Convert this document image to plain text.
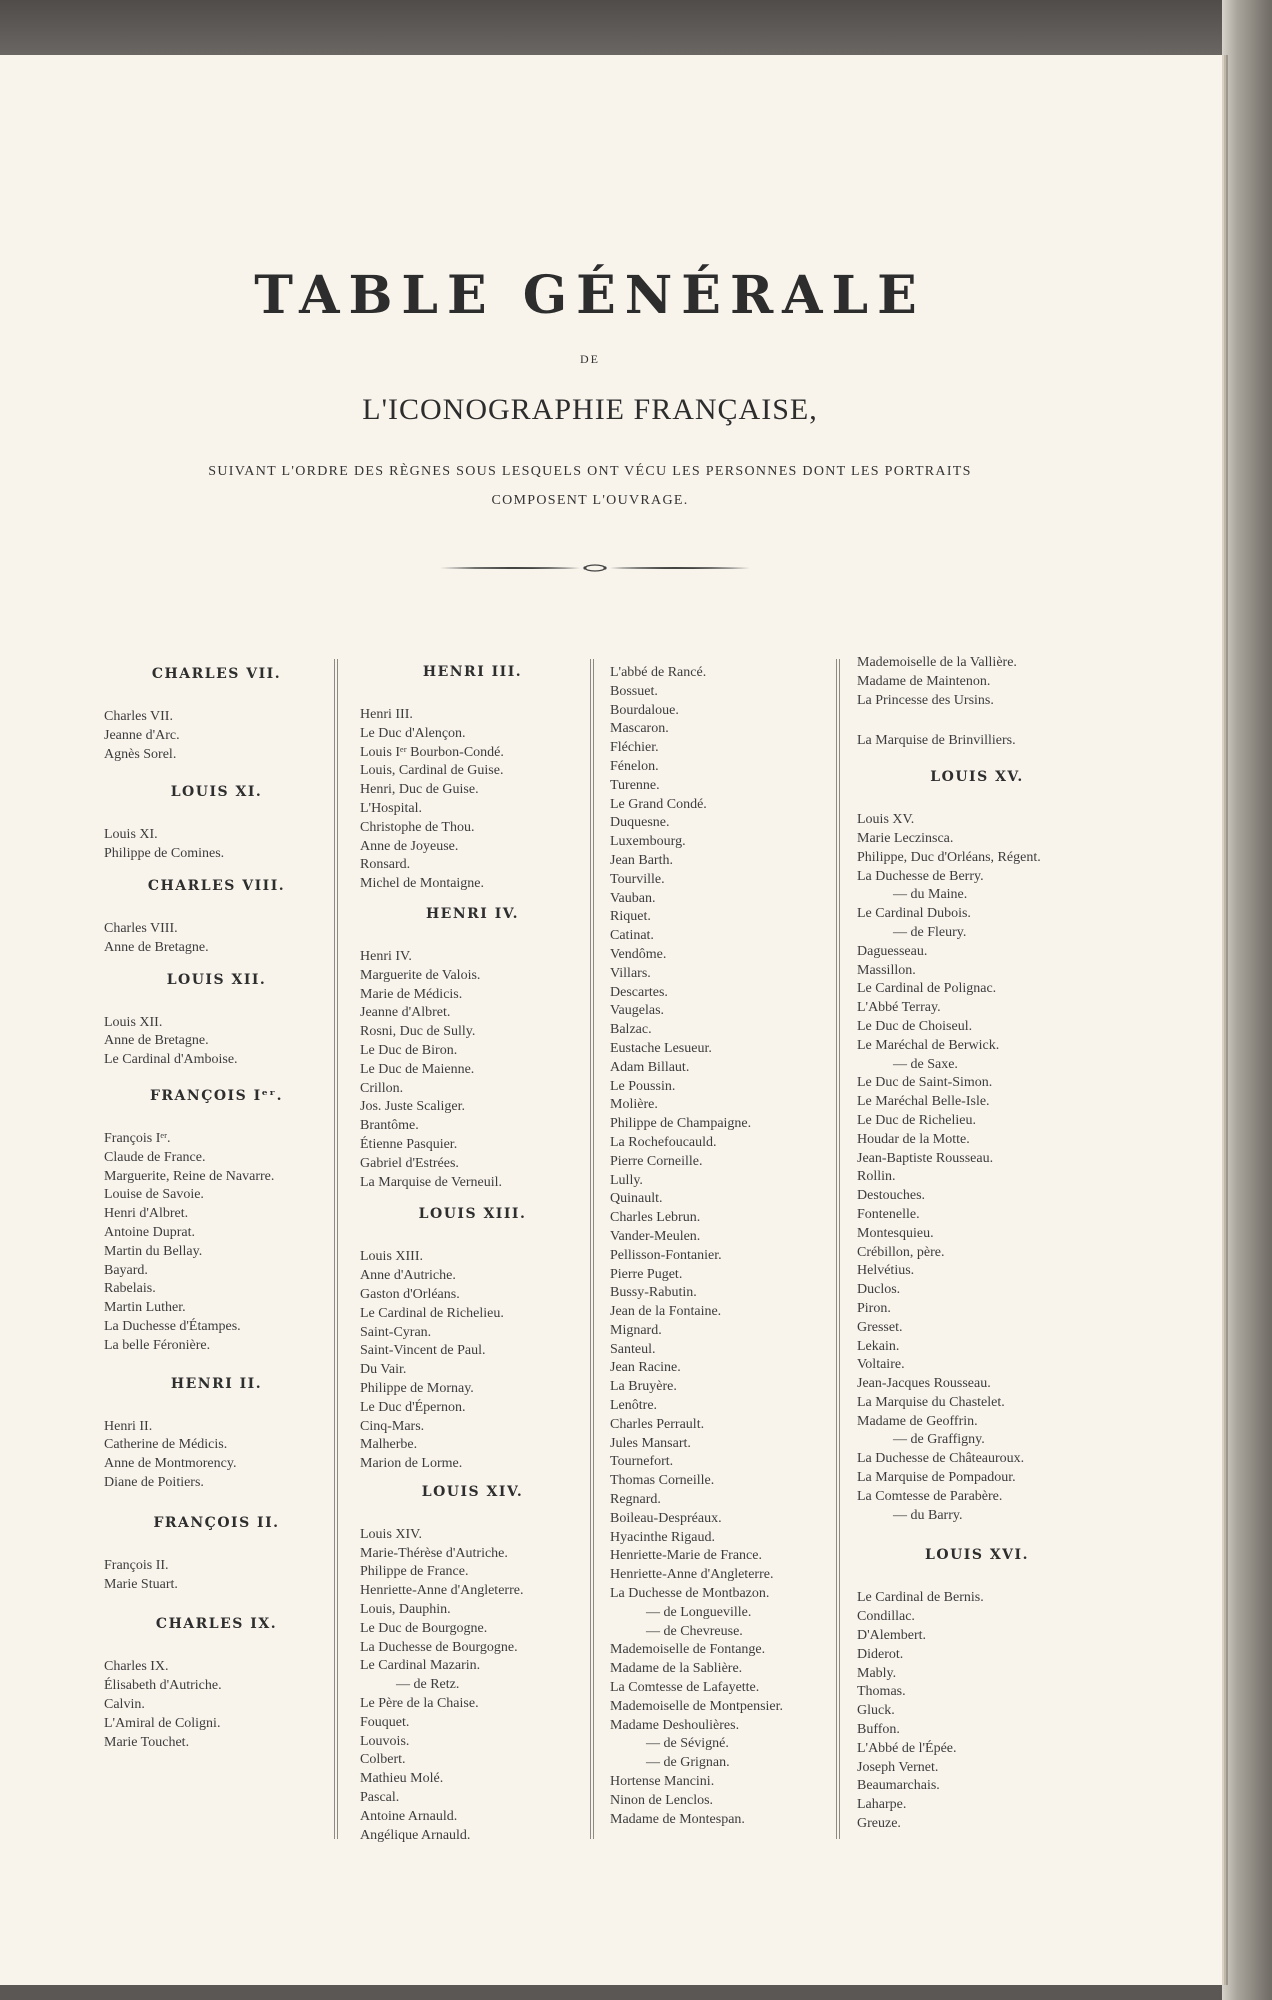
TABLE GÉNÉRALE
DE
L'ICONOGRAPHIE FRANÇAISE,
SUIVANT L'ORDRE DES RÈGNES SOUS LESQUELS ONT VÉCU LES PERSONNES DONT LES PORTRAITS
COMPOSENT L'OUVRAGE.
CHARLES VII.
Charles VII.
Jeanne d'Arc.
Agnès Sorel.
LOUIS XI.
Louis XI.
Philippe de Comines.
CHARLES VIII.
Charles VIII.
Anne de Bretagne.
LOUIS XII.
Louis XII.
Anne de Bretagne.
Le Cardinal d'Amboise.
FRANÇOIS Iᵉʳ.
François Iᵉʳ.
Claude de France.
Marguerite, Reine de Navarre.
Louise de Savoie.
Henri d'Albret.
Antoine Duprat.
Martin du Bellay.
Bayard.
Rabelais.
Martin Luther.
La Duchesse d'Étampes.
La belle Féronière.
HENRI II.
Henri II.
Catherine de Médicis.
Anne de Montmorency.
Diane de Poitiers.
FRANÇOIS II.
François II.
Marie Stuart.
CHARLES IX.
Charles IX.
Élisabeth d'Autriche.
Calvin.
L'Amiral de Coligni.
Marie Touchet.
HENRI III.
Henri III.
Le Duc d'Alençon.
Louis Iᵉʳ Bourbon-Condé.
Louis, Cardinal de Guise.
Henri, Duc de Guise.
L'Hospital.
Christophe de Thou.
Anne de Joyeuse.
Ronsard.
Michel de Montaigne.
HENRI IV.
Henri IV.
Marguerite de Valois.
Marie de Médicis.
Jeanne d'Albret.
Rosni, Duc de Sully.
Le Duc de Biron.
Le Duc de Maienne.
Crillon.
Jos. Juste Scaliger.
Brantôme.
Étienne Pasquier.
Gabriel d'Estrées.
La Marquise de Verneuil.
LOUIS XIII.
Louis XIII.
Anne d'Autriche.
Gaston d'Orléans.
Le Cardinal de Richelieu.
Saint-Cyran.
Saint-Vincent de Paul.
Du Vair.
Philippe de Mornay.
Le Duc d'Épernon.
Cinq-Mars.
Malherbe.
Marion de Lorme.
LOUIS XIV.
Louis XIV.
Marie-Thérèse d'Autriche.
Philippe de France.
Henriette-Anne d'Angleterre.
Louis, Dauphin.
Le Duc de Bourgogne.
La Duchesse de Bourgogne.
Le Cardinal Mazarin.
— de Retz.
Le Père de la Chaise.
Fouquet.
Louvois.
Colbert.
Mathieu Molé.
Pascal.
Antoine Arnauld.
Angélique Arnauld.
L'abbé de Rancé.
Bossuet.
Bourdaloue.
Mascaron.
Fléchier.
Fénelon.
Turenne.
Le Grand Condé.
Duquesne.
Luxembourg.
Jean Barth.
Tourville.
Vauban.
Riquet.
Catinat.
Vendôme.
Villars.
Descartes.
Vaugelas.
Balzac.
Eustache Lesueur.
Adam Billaut.
Le Poussin.
Molière.
Philippe de Champaigne.
La Rochefoucauld.
Pierre Corneille.
Lully.
Quinault.
Charles Lebrun.
Vander-Meulen.
Pellisson-Fontanier.
Pierre Puget.
Bussy-Rabutin.
Jean de la Fontaine.
Mignard.
Santeul.
Jean Racine.
La Bruyère.
Lenôtre.
Charles Perrault.
Jules Mansart.
Tournefort.
Thomas Corneille.
Regnard.
Boileau-Despréaux.
Hyacinthe Rigaud.
Henriette-Marie de France.
Henriette-Anne d'Angleterre.
La Duchesse de Montbazon.
— de Longueville.
— de Chevreuse.
Mademoiselle de Fontange.
Madame de la Sablière.
La Comtesse de Lafayette.
Mademoiselle de Montpensier.
Madame Deshoulières.
— de Sévigné.
— de Grignan.
Hortense Mancini.
Ninon de Lenclos.
Madame de Montespan.
Mademoiselle de la Vallière.
Madame de Maintenon.
La Princesse des Ursins.
La Marquise de Brinvilliers.
LOUIS XV.
Louis XV.
Marie Leczinsca.
Philippe, Duc d'Orléans, Régent.
La Duchesse de Berry.
— du Maine.
Le Cardinal Dubois.
— de Fleury.
Daguesseau.
Massillon.
Le Cardinal de Polignac.
L'Abbé Terray.
Le Duc de Choiseul.
Le Maréchal de Berwick.
— de Saxe.
Le Duc de Saint-Simon.
Le Maréchal Belle-Isle.
Le Duc de Richelieu.
Houdar de la Motte.
Jean-Baptiste Rousseau.
Rollin.
Destouches.
Fontenelle.
Montesquieu.
Crébillon, père.
Helvétius.
Duclos.
Piron.
Gresset.
Lekain.
Voltaire.
Jean-Jacques Rousseau.
La Marquise du Chastelet.
Madame de Geoffrin.
— de Graffigny.
La Duchesse de Châteauroux.
La Marquise de Pompadour.
La Comtesse de Parabère.
— du Barry.
LOUIS XVI.
Le Cardinal de Bernis.
Condillac.
D'Alembert.
Diderot.
Mably.
Thomas.
Gluck.
Buffon.
L'Abbé de l'Épée.
Joseph Vernet.
Beaumarchais.
Laharpe.
Greuze.
